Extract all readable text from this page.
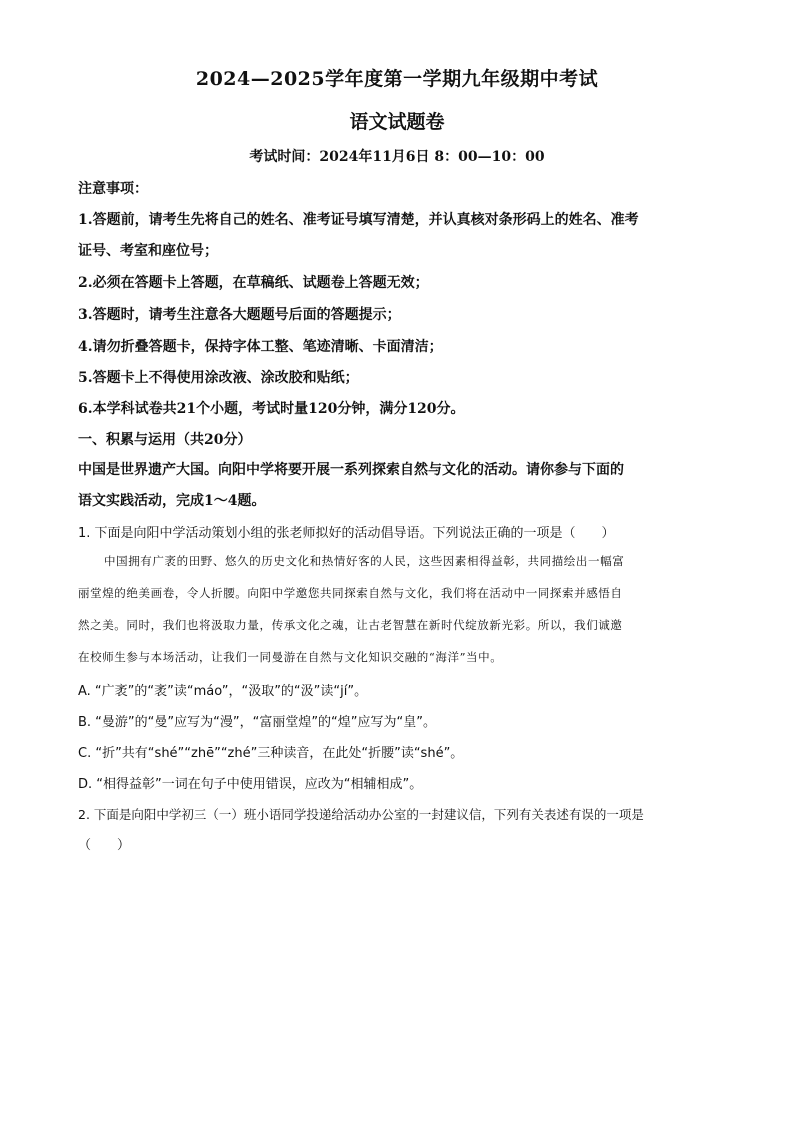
2024—2025学年度第一学期九年级期中考试
语文试题卷
考试时间：2024年11月6日 8：00—10：00
注意事项：
1.答题前，请考生先将自己的姓名、准考证号填写清楚，并认真核对条形码上的姓名、准考
证号、考室和座位号；
2.必须在答题卡上答题，在草稿纸、试题卷上答题无效；
3.答题时，请考生注意各大题题号后面的答题提示；
4.请勿折叠答题卡，保持字体工整、笔迹清晰、卡面清洁；
5.答题卡上不得使用涂改液、涂改胶和贴纸；
6.本学科试卷共21个小题，考试时量120分钟，满分120分。
一、积累与运用（共20分）
中国是世界遗产大国。向阳中学将要开展一系列探索自然与文化的活动。请你参与下面的
语文实践活动，完成1～4题。
1. 下面是向阳中学活动策划小组的张老师拟好的活动倡导语。下列说法正确的一项是（　　）
中国拥有广袤的田野、悠久的历史文化和热情好客的人民，这些因素相得益彰，共同描绘出一幅富
丽堂煌的绝美画卷，令人折腰。向阳中学邀您共同探索自然与文化，我们将在活动中一同探索并感悟自
然之美。同时，我们也将汲取力量，传承文化之魂，让古老智慧在新时代绽放新光彩。所以，我们诚邀
在校师生参与本场活动，让我们一同曼游在自然与文化知识交融的“海洋”当中。
A. “广袤”的“袤”读“máo”，“汲取”的“汲”读“jí”。
B. “曼游”的“曼”应写为“漫”，“富丽堂煌”的“煌”应写为“皇”。
C. “折”共有“shé”“zhē”“zhé”三种读音，在此处“折腰”读“shé”。
D. “相得益彰”一词在句子中使用错误，应改为“相辅相成”。
2. 下面是向阳中学初三（一）班小语同学投递给活动办公室的一封建议信，下列有关表述有误的一项是
（　　）
